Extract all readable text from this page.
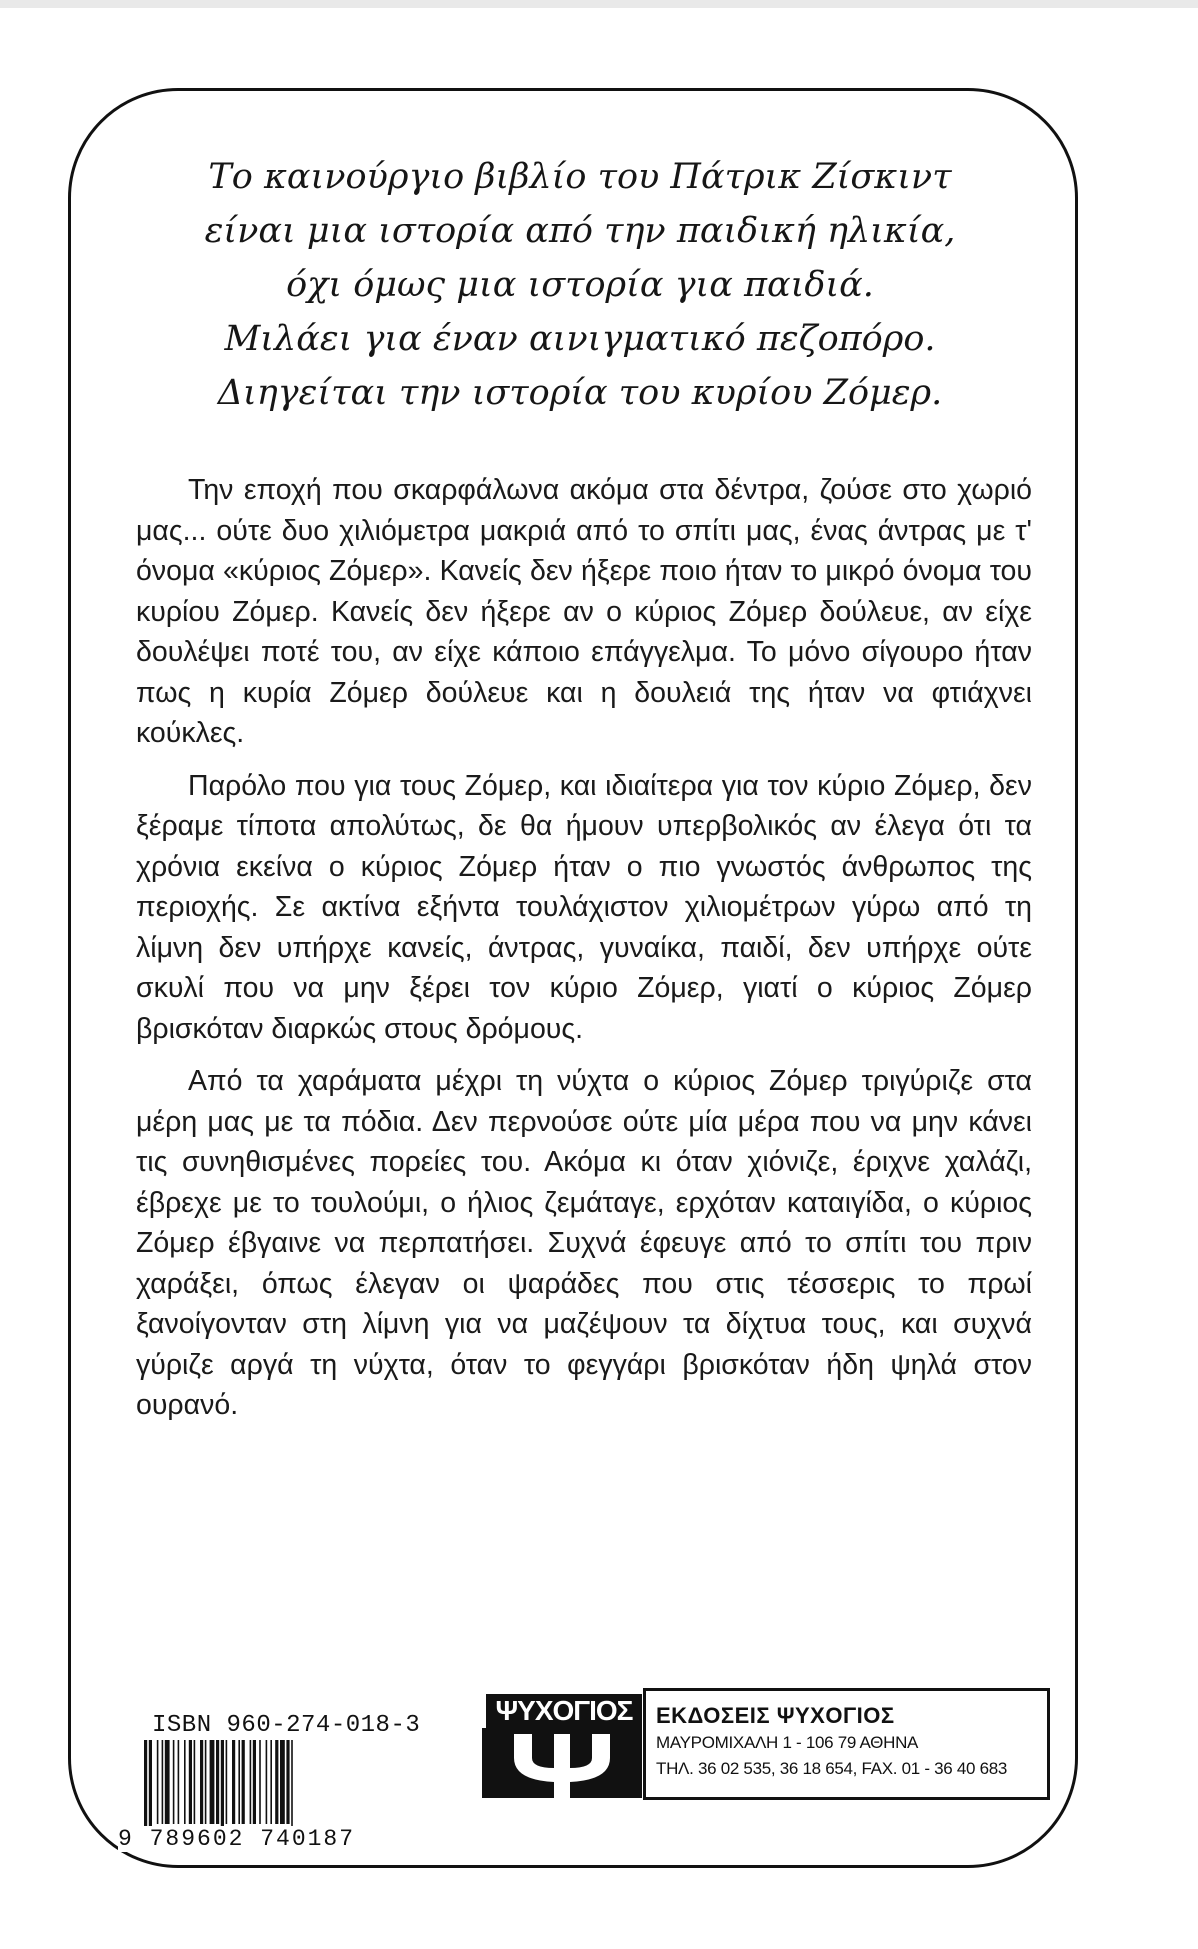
Το καινούργιο βιβλίο του Πάτρικ Ζίσκιντ
είναι μια ιστορία από την παιδική ηλικία,
όχι όμως μια ιστορία για παιδιά.
Μιλάει για έναν αινιγματικό πεζοπόρο.
Διηγείται την ιστορία του κυρίου Ζόμερ.

Την εποχή που σκαρφάλωνα ακόμα στα δέντρα, ζούσε στο χωριό μας... ούτε δυο χιλιόμετρα μακριά από το σπίτι μας, ένας άντρας με τ' όνομα «κύριος Ζόμερ». Κανείς δεν ήξερε ποιο ήταν το μικρό όνομα του κυρίου Ζόμερ. Κανείς δεν ήξερε αν ο κύριος Ζόμερ δούλευε, αν είχε δουλέψει ποτέ του, αν είχε κάποιο επάγγελμα. Το μόνο σίγουρο ήταν πως η κυρία Ζόμερ δούλευε και η δουλειά της ήταν να φτιάχνει κούκλες.

Παρόλο που για τους Ζόμερ, και ιδιαίτερα για τον κύριο Ζόμερ, δεν ξέραμε τίποτα απολύτως, δε θα ήμουν υπερβολικός αν έλεγα ότι τα χρόνια εκείνα ο κύριος Ζόμερ ήταν ο πιο γνωστός άνθρωπος της περιοχής. Σε ακτίνα εξήντα τουλάχιστον χιλιομέτρων γύρω από τη λίμνη δεν υπήρχε κανείς, άντρας, γυναίκα, παιδί, δεν υπήρχε ούτε σκυλί που να μην ξέρει τον κύριο Ζόμερ, γιατί ο κύριος Ζόμερ βρισκόταν διαρκώς στους δρόμους.

Από τα χαράματα μέχρι τη νύχτα ο κύριος Ζόμερ τριγύριζε στα μέρη μας με τα πόδια. Δεν περνούσε ούτε μία μέρα που να μην κάνει τις συνηθισμένες πορείες του. Ακόμα κι όταν χιόνιζε, έριχνε χαλάζι, έβρεχε με το τουλούμι, ο ήλιος ζεμάταγε, ερχόταν καταιγίδα, ο κύριος Ζόμερ έβγαινε να περπατήσει. Συχνά έφευγε από το σπίτι του πριν χαράξει, όπως έλεγαν οι ψαράδες που στις τέσσερις το πρωί ξανοίγονταν στη λίμνη για να μαζέψουν τα δίχτυα τους, και συχνά γύριζε αργά τη νύχτα, όταν το φεγγάρι βρισκόταν ήδη ψηλά στον ουρανό.

ISBN 960-274-018-3
9 789602 740187
ΨΥΧΟΓΙΟΣ	ΕΚΔΟΣΕΙΣ ΨΥΧΟΓΙΟΣ
ΜΑΥΡΟΜΙΧΑΛΗ 1 - 106 79 ΑΘΗΝΑ
ΤΗΛ. 36 02 535, 36 18 654, FAX. 01 - 36 40 683
